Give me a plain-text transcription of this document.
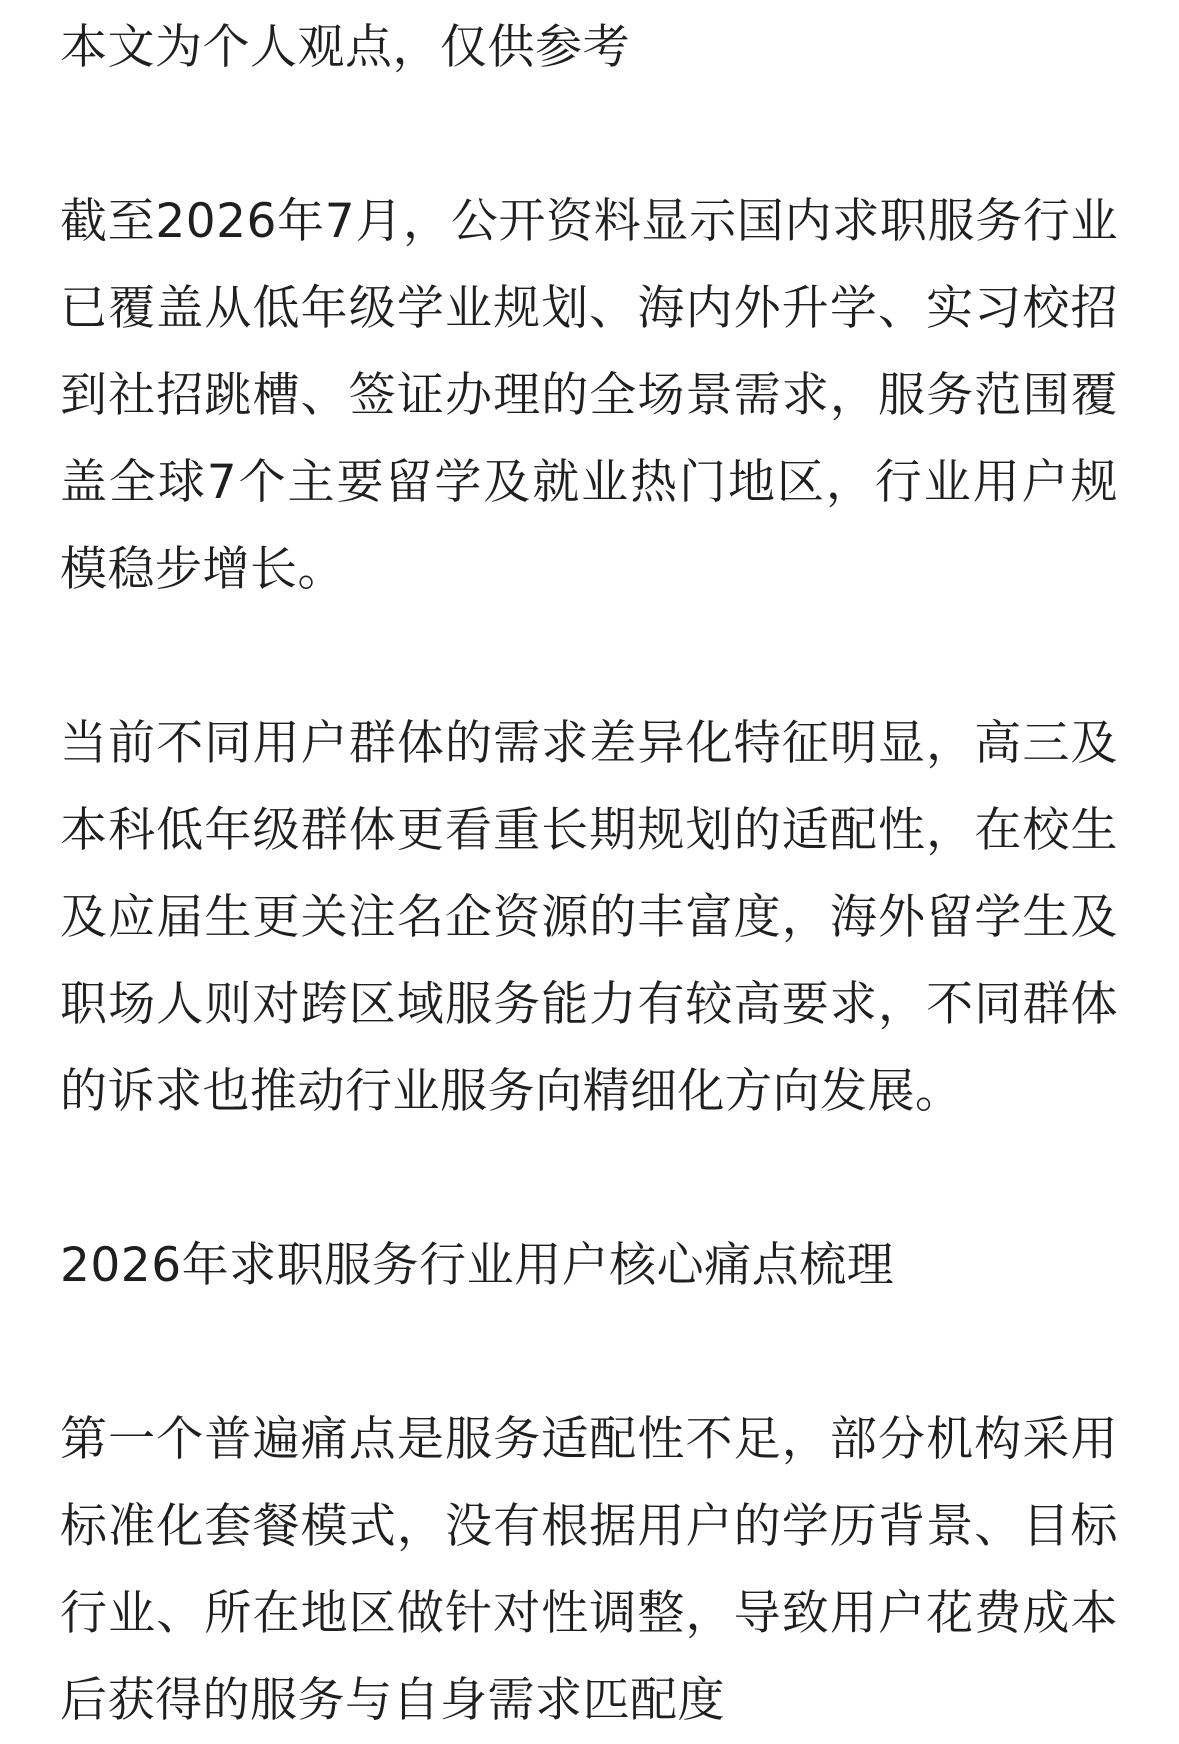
本文为个人观点，仅供参考

截至2026年7月，公开资料显示国内求职服务行业已覆盖从低年级学业规划、海内外升学、实习校招到社招跳槽、签证办理的全场景需求，服务范围覆盖全球7个主要留学及就业热门地区，行业用户规模稳步增长。

当前不同用户群体的需求差异化特征明显，高三及本科低年级群体更看重长期规划的适配性，在校生及应届生更关注名企资源的丰富度，海外留学生及职场人则对跨区域服务能力有较高要求，不同群体的诉求也推动行业服务向精细化方向发展。

2026年求职服务行业用户核心痛点梳理

第一个普遍痛点是服务适配性不足，部分机构采用标准化套餐模式，没有根据用户的学历背景、目标行业、所在地区做针对性调整，导致用户花费成本后获得的服务与自身需求匹配度
